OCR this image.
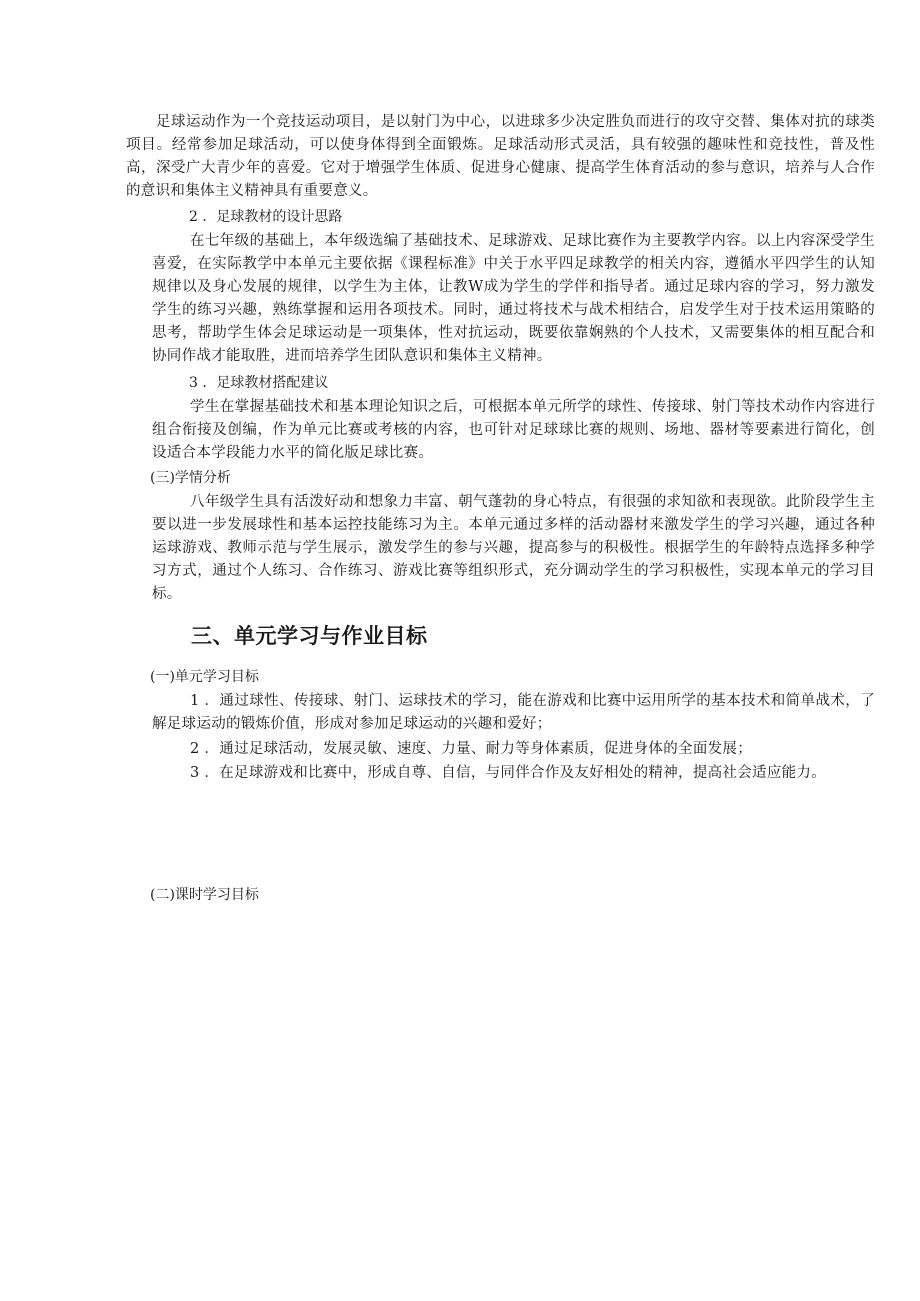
足球运动作为一个竞技运动项目，是以射门为中心，以进球多少决定胜负而进行的攻守交替、集体对抗的球类项目。经常参加足球活动，可以使身体得到全面锻炼。足球活动形式灵活，具有较强的趣味性和竞技性，普及性高，深受广大青少年的喜爱。它对于增强学生体质、促进身心健康、提高学生体育活动的参与意识，培养与人合作的意识和集体主义精神具有重要意义。

2 ．足球教材的设计思路

在七年级的基础上，本年级选编了基础技术、足球游戏、足球比赛作为主要教学内容。以上内容深受学生喜爱，在实际教学中本单元主要依据《课程标准》中关于水平四足球教学的相关内容，遵循水平四学生的认知规律以及身心发展的规律，以学生为主体，让教W成为学生的学伴和指导者。通过足球内容的学习，努力激发学生的练习兴趣，熟练掌握和运用各项技术。同时，通过将技术与战术相结合，启发学生对于技术运用策略的思考，帮助学生体会足球运动是一项集体，性对抗运动，既要依靠娴熟的个人技术，又需要集体的相互配合和协同作战才能取胜，进而培养学生团队意识和集体主义精神。

3 ．足球教材搭配建议

学生在掌握基础技术和基本理论知识之后，可根据本单元所学的球性、传接球、射门等技术动作内容进行组合衔接及创编，作为单元比赛或考核的内容，也可针对足球球比赛的规则、场地、器材等要素进行简化，创设适合本学段能力水平的简化版足球比赛。

(三)学情分析

八年级学生具有活泼好动和想象力丰富、朝气蓬勃的身心特点，有很强的求知欲和表现欲。此阶段学生主要以进一步发展球性和基本运控技能练习为主。本单元通过多样的活动器材来激发学生的学习兴趣，通过各种运球游戏、教师示范与学生展示，激发学生的参与兴趣，提高参与的积极性。根据学生的年龄特点选择多种学习方式，通过个人练习、合作练习、游戏比赛等组织形式，充分调动学生的学习积极性，实现本单元的学习目标。

三、单元学习与作业目标

(一)单元学习目标

1 ．通过球性、传接球、射门、运球技术的学习，能在游戏和比赛中运用所学的基本技术和简单战术，了解足球运动的锻炼价值，形成对参加足球运动的兴趣和爱好；

2 ．通过足球活动，发展灵敏、速度、力量、耐力等身体素质，促进身体的全面发展；

3 ．在足球游戏和比赛中，形成自尊、自信，与同伴合作及友好相处的精神，提高社会适应能力。

(二)课时学习目标
